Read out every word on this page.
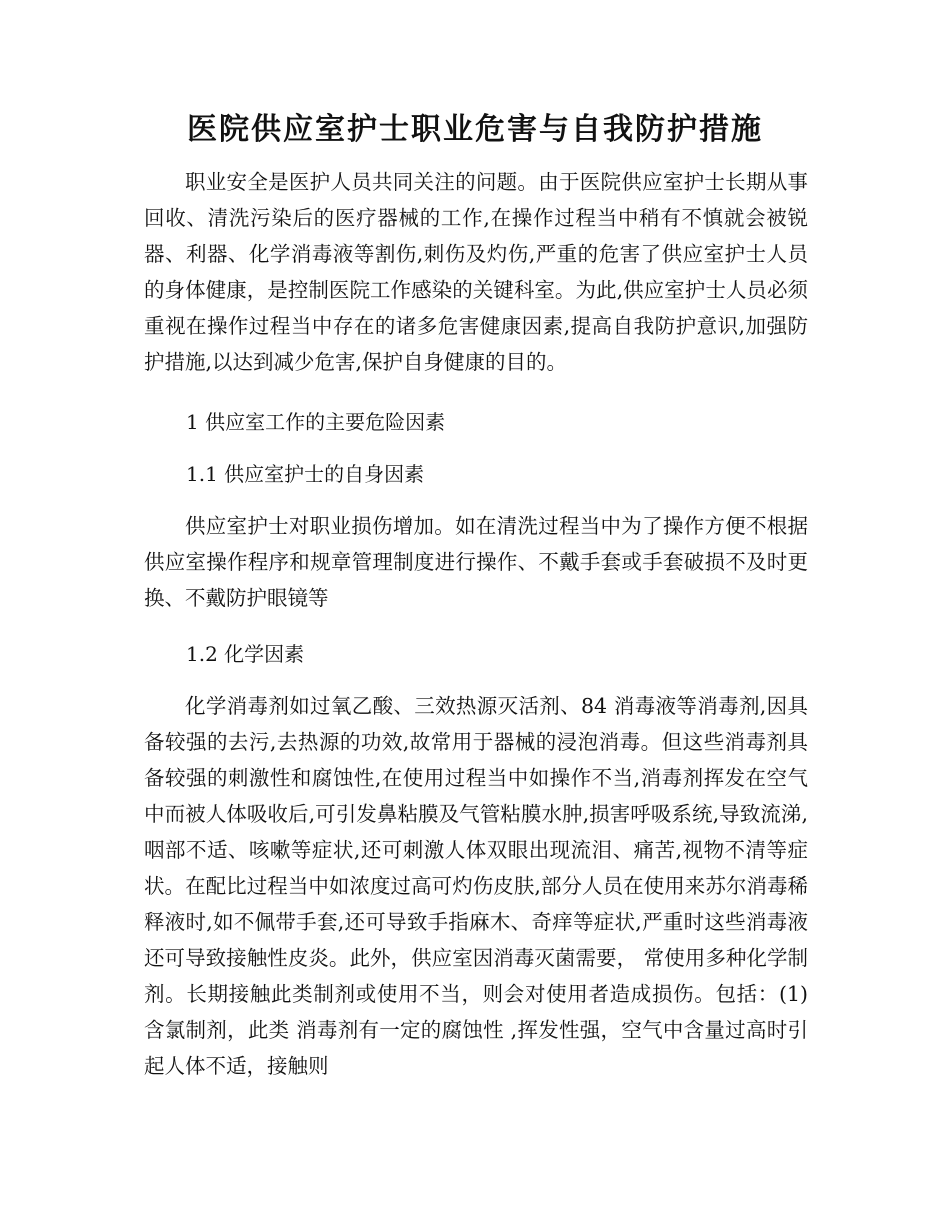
医院供应室护士职业危害与自我防护措施

职业安全是医护人员共同关注的问题。由于医院供应室护士长期从事回收、清洗污染后的医疗器械的工作,在操作过程当中稍有不慎就会被锐器、利器、化学消毒液等割伤,刺伤及灼伤,严重的危害了供应室护士人员的身体健康，是控制医院工作感染的关键科室。为此,供应室护士人员必须重视在操作过程当中存在的诸多危害健康因素,提高自我防护意识,加强防护措施,以达到减少危害,保护自身健康的目的。

1 供应室工作的主要危险因素
1.1 供应室护士的自身因素

供应室护士对职业损伤增加。如在清洗过程当中为了操作方便不根据供应室操作程序和规章管理制度进行操作、不戴手套或手套破损不及时更换、不戴防护眼镜等

1.2 化学因素

化学消毒剂如过氧乙酸、三效热源灭活剂、84 消毒液等消毒剂,因具备较强的去污,去热源的功效,故常用于器械的浸泡消毒。但这些消毒剂具备较强的刺激性和腐蚀性,在使用过程当中如操作不当,消毒剂挥发在空气中而被人体吸收后,可引发鼻粘膜及气管粘膜水肿,损害呼吸系统,导致流涕,咽部不适、咳嗽等症状,还可刺激人体双眼出现流泪、痛苦,视物不清等症状。在配比过程当中如浓度过高可灼伤皮肤,部分人员在使用来苏尔消毒稀释液时,如不佩带手套,还可导致手指麻木、奇痒等症状,严重时这些消毒液还可导致接触性皮炎。此外，供应室因消毒灭菌需要， 常使用多种化学制剂。长期接触此类制剂或使用不当，则会对使用者造成损伤。包括：(1)含氯制剂，此类 消毒剂有一定的腐蚀性 ,挥发性强，空气中含量过高时引起人体不适，接触则
